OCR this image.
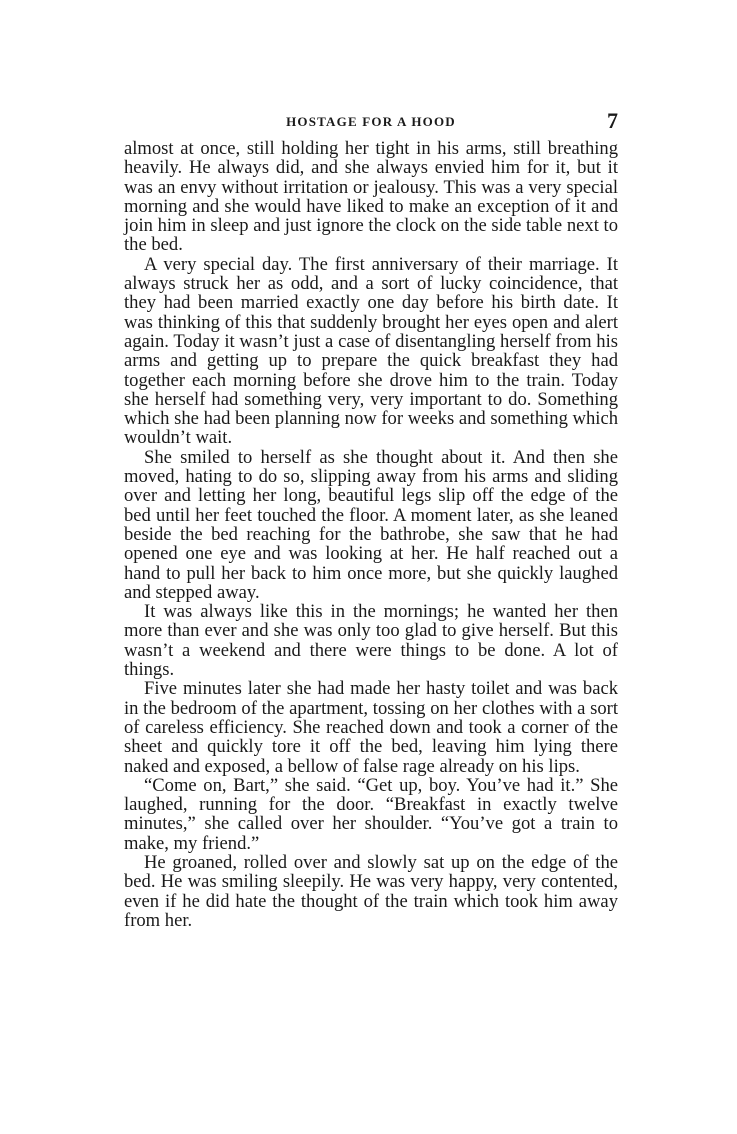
HOSTAGE FOR A HOOD	7

almost at once, still holding her tight in his arms, still breathing heavily. He always did, and she always envied him for it, but it was an envy without irritation or jealousy. This was a very special morning and she would have liked to make an exception of it and join him in sleep and just ignore the clock on the side table next to the bed.

A very special day. The first anniversary of their marriage. It always struck her as odd, and a sort of lucky coincidence, that they had been married exactly one day before his birth date. It was thinking of this that suddenly brought her eyes open and alert again. Today it wasn’t just a case of disentangling herself from his arms and getting up to prepare the quick breakfast they had together each morning before she drove him to the train. Today she herself had something very, very important to do. Something which she had been planning now for weeks and something which wouldn’t wait.

She smiled to herself as she thought about it. And then she moved, hating to do so, slipping away from his arms and sliding over and letting her long, beautiful legs slip off the edge of the bed until her feet touched the floor. A moment later, as she leaned beside the bed reaching for the bathrobe, she saw that he had opened one eye and was looking at her. He half reached out a hand to pull her back to him once more, but she quickly laughed and stepped away.

It was always like this in the mornings; he wanted her then more than ever and she was only too glad to give herself. But this wasn’t a weekend and there were things to be done. A lot of things.

Five minutes later she had made her hasty toilet and was back in the bedroom of the apartment, tossing on her clothes with a sort of careless efficiency. She reached down and took a corner of the sheet and quickly tore it off the bed, leaving him lying there naked and exposed, a bellow of false rage already on his lips.

“Come on, Bart,” she said. “Get up, boy. You’ve had it.” She laughed, running for the door. “Breakfast in exactly twelve minutes,” she called over her shoulder. “You’ve got a train to make, my friend.”

He groaned, rolled over and slowly sat up on the edge of the bed. He was smiling sleepily. He was very happy, very contented, even if he did hate the thought of the train which took him away from her.
